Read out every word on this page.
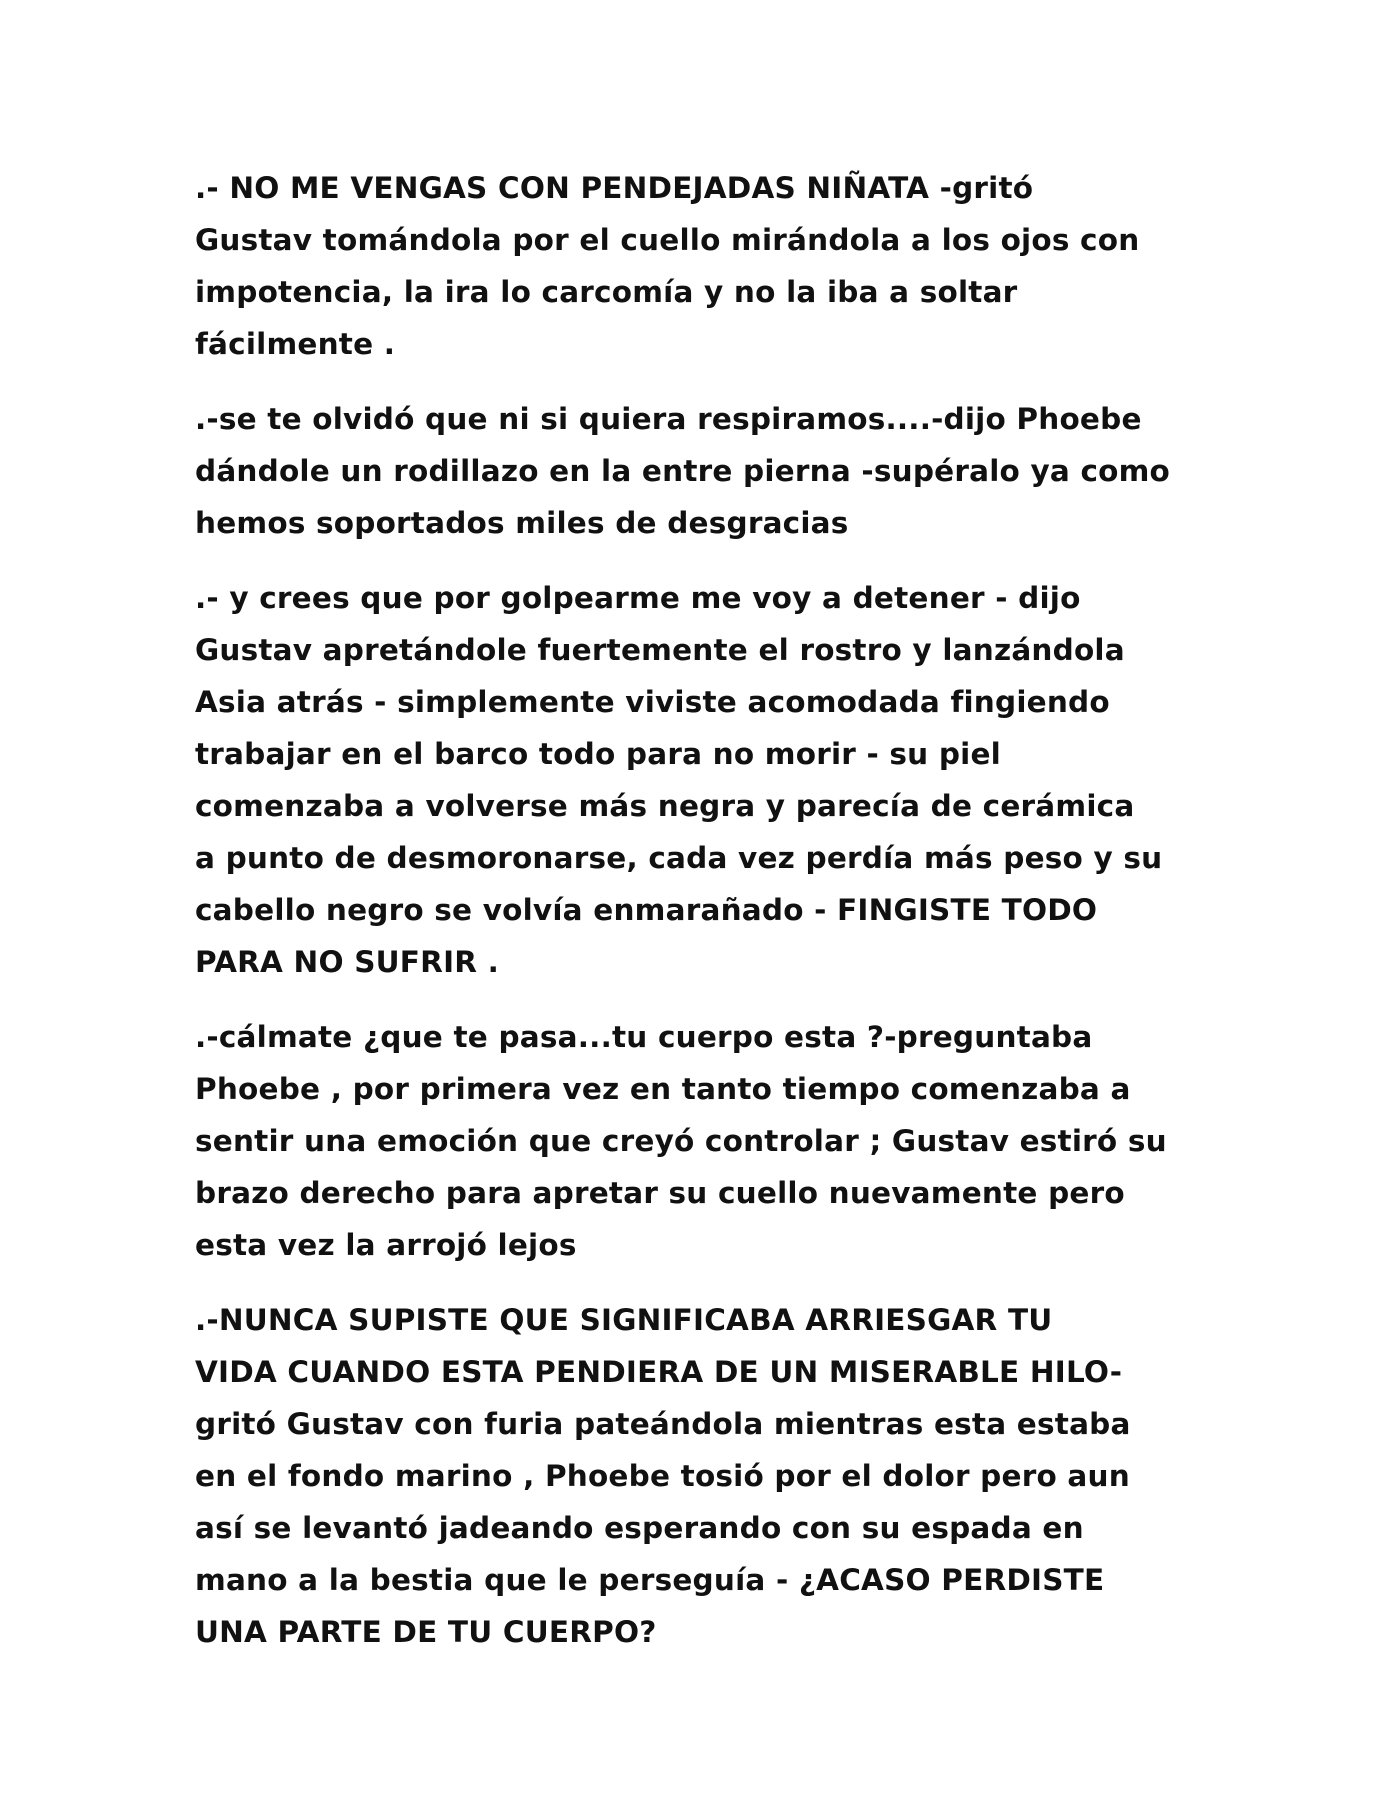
.- NO ME VENGAS CON PENDEJADAS NIÑATA -gritó
Gustav tomándola por el cuello mirándola a los ojos con
impotencia, la ira lo carcomía y no la iba a soltar
fácilmente .

.-se te olvidó que ni si quiera respiramos....-dijo Phoebe
dándole un rodillazo en la entre pierna -supéralo ya como
hemos soportados miles de desgracias

.- y crees que por golpearme me voy a detener - dijo
Gustav apretándole fuertemente el rostro y lanzándola
Asia atrás - simplemente viviste acomodada fingiendo
trabajar en el barco todo para no morir - su piel
comenzaba a volverse más negra y parecía de cerámica
a punto de desmoronarse, cada vez perdía más peso y su
cabello negro se volvía enmarañado - FINGISTE TODO
PARA NO SUFRIR .

.-cálmate ¿que te pasa...tu cuerpo esta ?-preguntaba
Phoebe , por primera vez en tanto tiempo comenzaba a
sentir una emoción que creyó controlar ; Gustav estiró su
brazo derecho para apretar su cuello nuevamente pero
esta vez la arrojó lejos

.-NUNCA SUPISTE QUE SIGNIFICABA ARRIESGAR TU
VIDA CUANDO ESTA PENDIERA DE UN MISERABLE HILO-
gritó Gustav con furia pateándola mientras esta estaba
en el fondo marino , Phoebe tosió por el dolor pero aun
así se levantó jadeando esperando con su espada en
mano a la bestia que le perseguía - ¿ACASO PERDISTE
UNA PARTE DE TU CUERPO?
